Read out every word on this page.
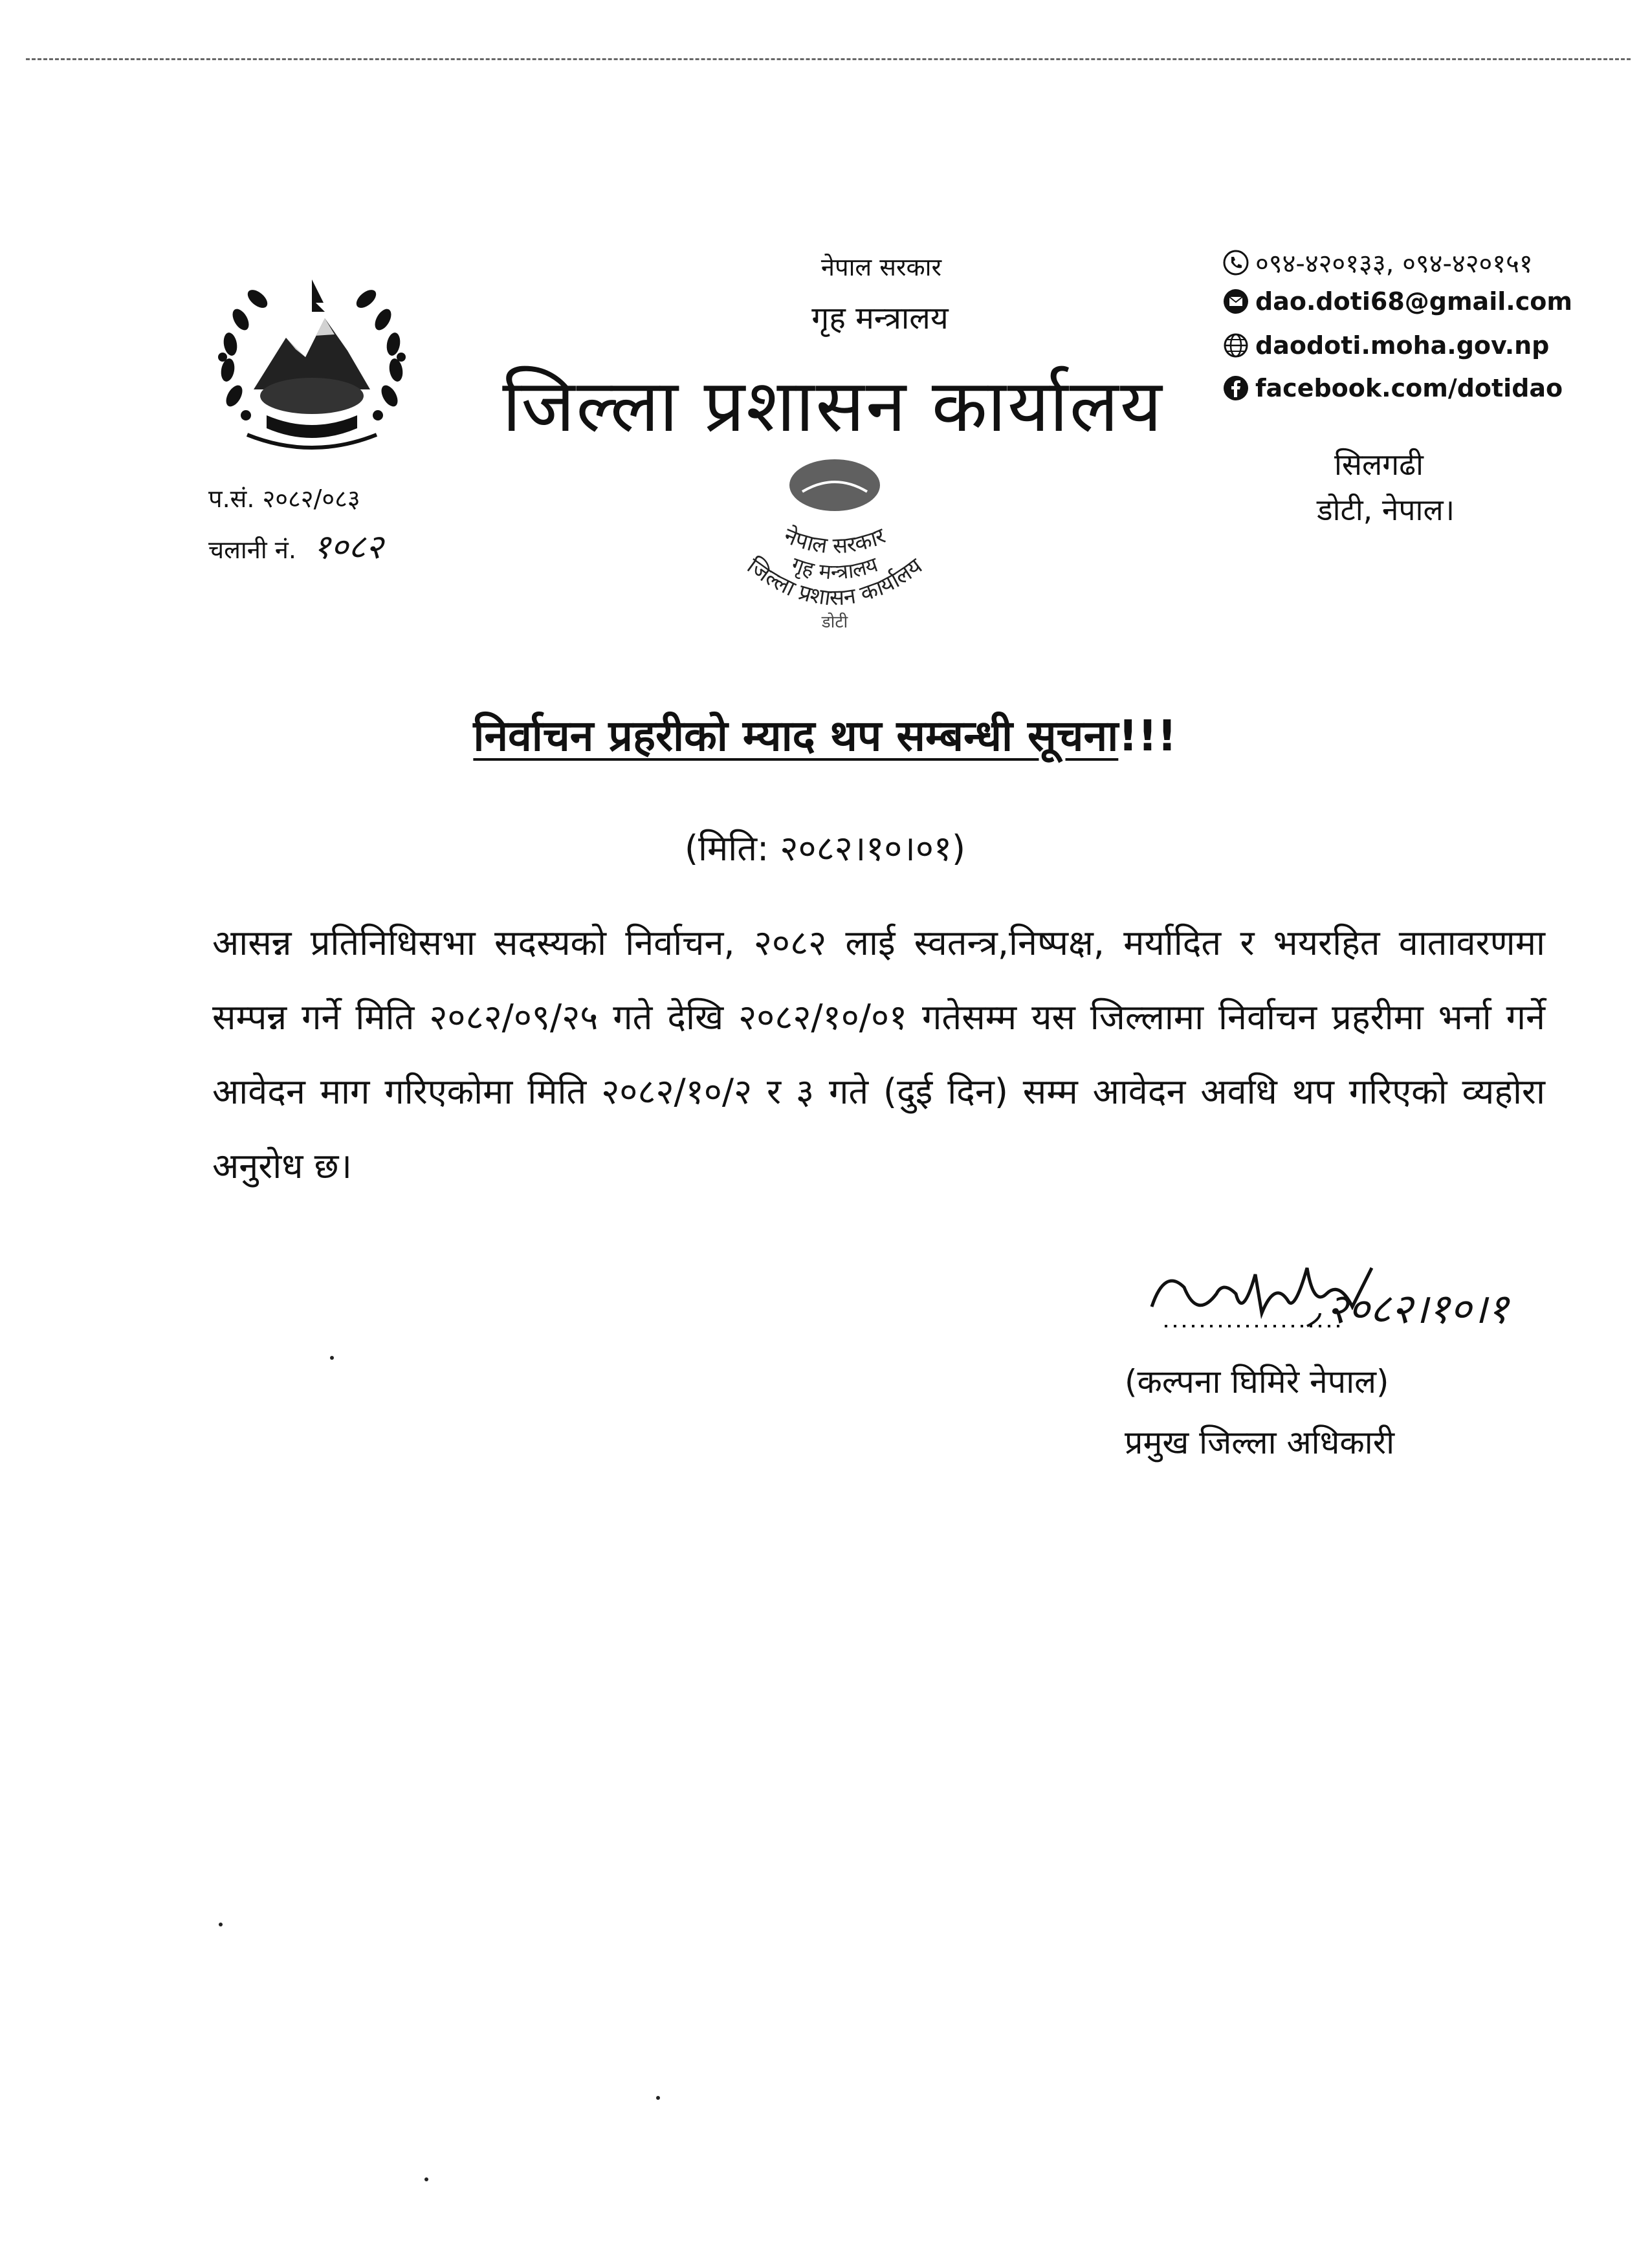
नेपाल सरकार
गृह मन्त्रालय
जिल्ला प्रशासन कार्यालय
०९४-४२०१३३, ०९४-४२०१५१
dao.doti68@gmail.com
daodoti.moha.gov.np
facebook.com/dotidao
सिलगढी
डोटी, नेपाल।
प.सं. २०८२/०८३
चलानी नं. १०८२	नेपाल सरकार
गृह मन्त्रालय
जिल्ला प्रशासन कार्यालय
डोटी
निर्वाचन प्रहरीको म्याद थप सम्बन्धी सूचना!!!
(मिति: २०८२।१०।०१)
आसन्न प्रतिनिधिसभा सदस्यको निर्वाचन, २०८२ लाई स्वतन्त्र,निष्पक्ष, मर्यादित र भयरहित वातावरणमा सम्पन्न गर्ने मिति २०८२/०९/२५ गते देखि २०८२/१०/०१ गतेसम्म यस जिल्लामा निर्वाचन प्रहरीमा भर्ना गर्ने आवेदन माग गरिएकोमा मिति २०८२/१०/२ र ३ गते (दुई दिन) सम्म आवेदन अवधि थप गरिएको व्यहोरा अनुरोध छ।
२०८२।१०।१
(कल्पना घिमिरे नेपाल)
प्रमुख जिल्ला अधिकारी
